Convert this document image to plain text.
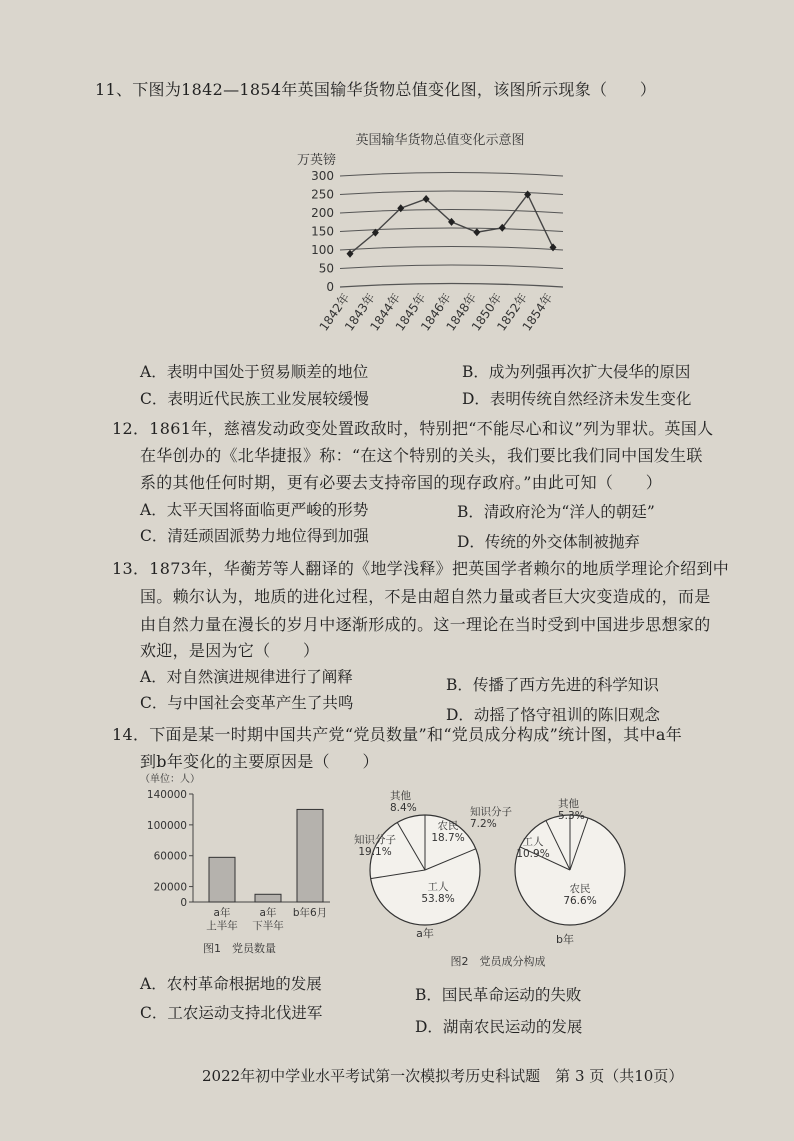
11、下图为1842—1854年英国输华货物总值变化图，该图所示现象（　　）
英国输华货物总值变化示意图
万英镑
0
50
100
150
200
250
300
1842年
1843年
1844年
1845年
1846年
1848年
1850年
1852年
1854年
A．表明中国处于贸易顺差的地位	B．成为列强再次扩大侵华的原因
C．表明近代民族工业发展较缓慢	D．表明传统自然经济未发生变化
12．1861年，慈禧发动政变处置政敌时，特别把“不能尽心和议”列为罪状。英国人
在华创办的《北华捷报》称：“在这个特别的关头，我们要比我们同中国发生联
系的其他任何时期，更有必要去支持帝国的现存政府。”由此可知（　　）
A．太平天国将面临更严峻的形势	B．清政府沦为“洋人的朝廷”
C．清廷顽固派势力地位得到加强	D．传统的外交体制被抛弃
13．1873年，华蘅芳等人翻译的《地学浅释》把英国学者赖尔的地质学理论介绍到中
国。赖尔认为，地质的进化过程，不是由超自然力量或者巨大灾变造成的，而是
由自然力量在漫长的岁月中逐渐形成的。这一理论在当时受到中国进步思想家的
欢迎，是因为它（　　）
A．对自然演进规律进行了阐释	B．传播了西方先进的科学知识
C．与中国社会变革产生了共鸣
D．动摇了恪守祖训的陈旧观念
14．下面是某一时期中国共产党“党员数量”和“党员成分构成”统计图，其中a年
到b年变化的主要原因是（　　）
（单位：人）
0
20000
60000
100000
140000
a年
上半年
a年
下半年
b年6月
图1　党员数量
农民
18.7%
工人
53.8%
知识分子
19.1%
其他
8.4%
a年
其他
5.3%
农民
76.6%
工人
10.9%
知识分子
7.2%
b年
图2　党员成分构成
A．农村革命根据地的发展
B．国民革命运动的失败
C．工农运动支持北伐进军
D．湖南农民运动的发展
2022年初中学业水平考试第一次模拟考历史科试题　第 3 页（共10页）
